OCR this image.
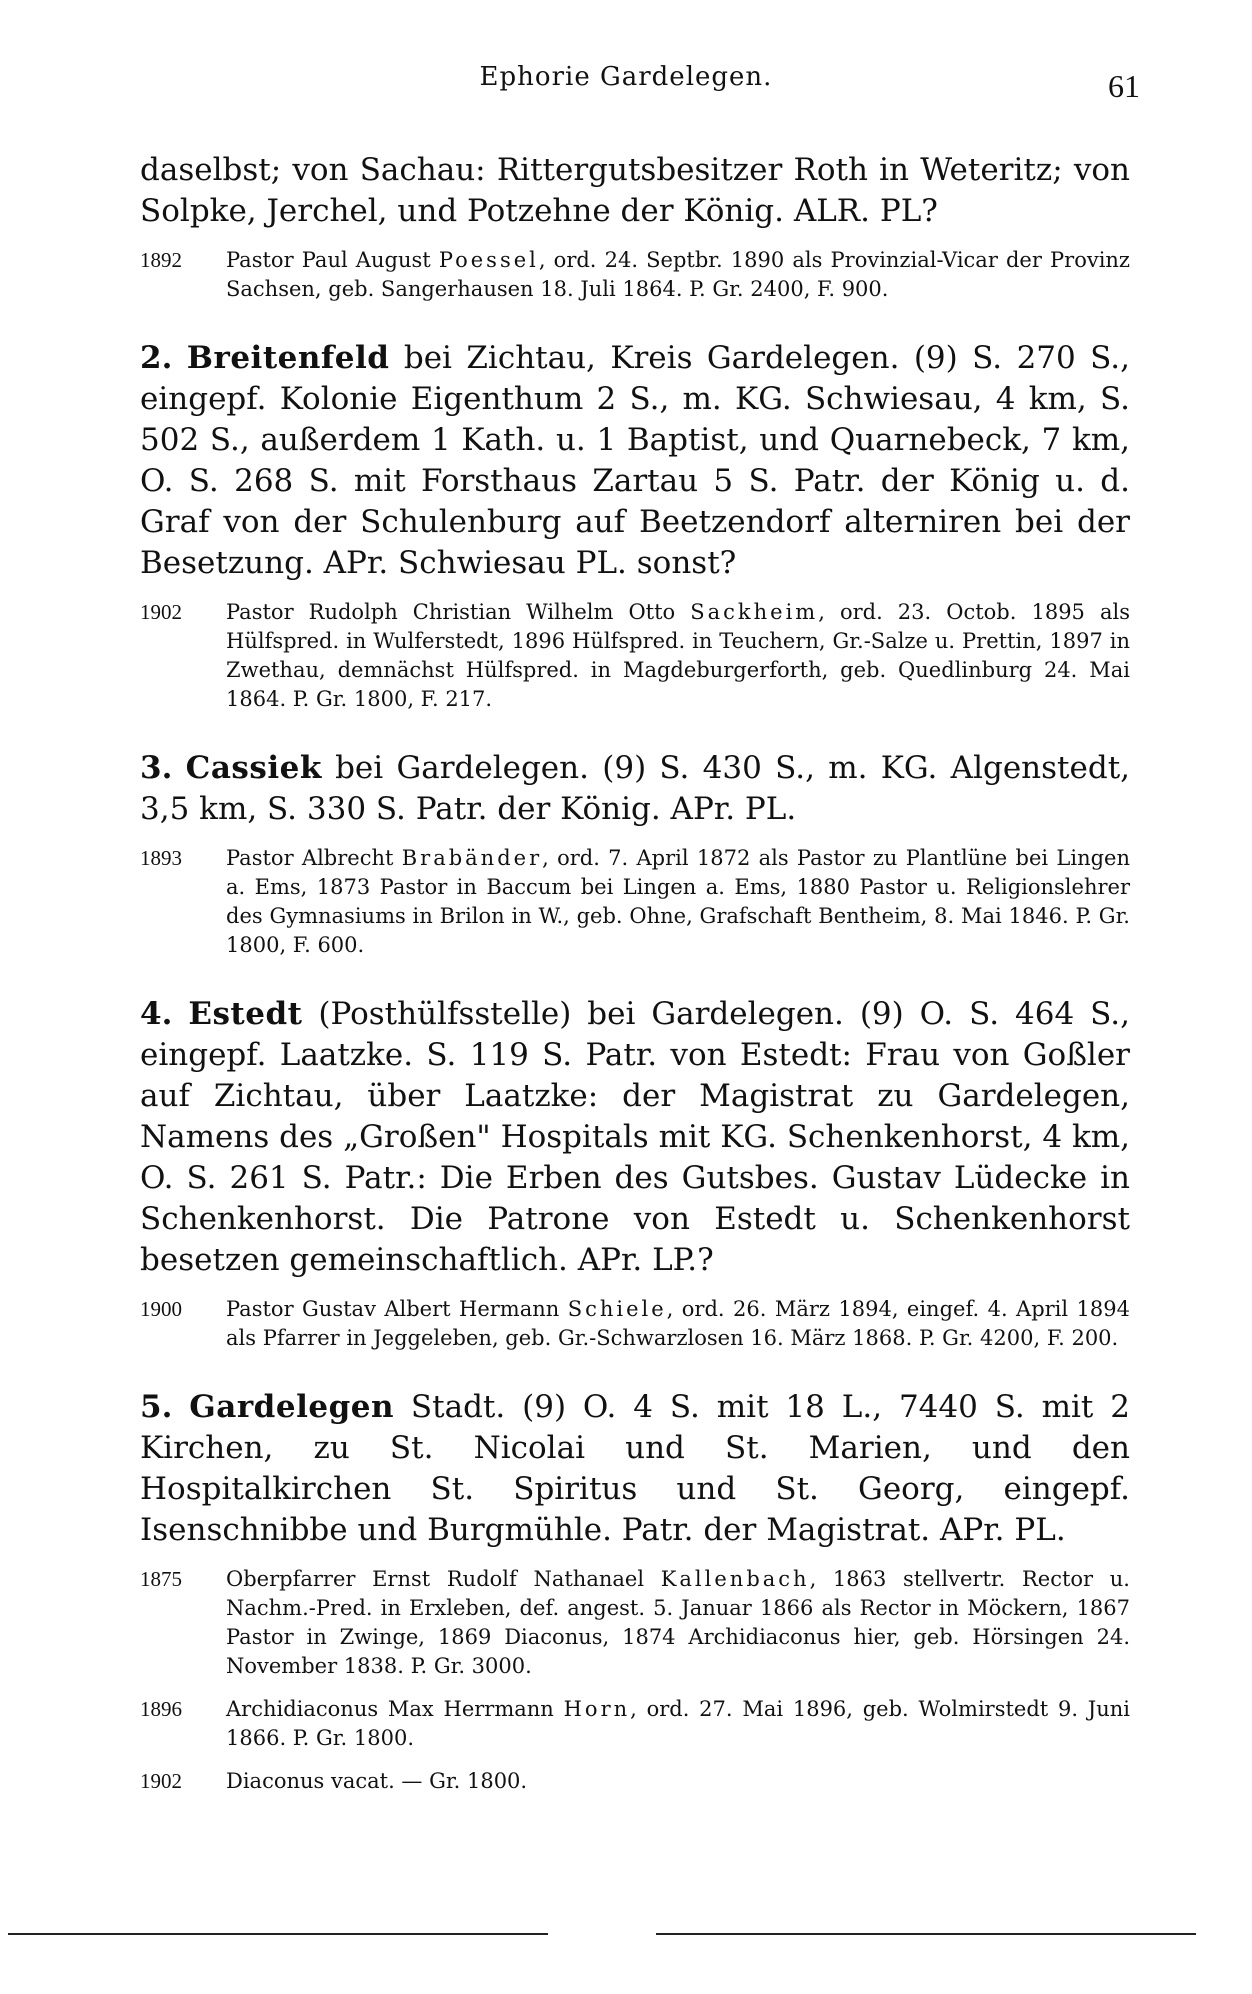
Ephorie Gardelegen.	61

daselbst; von Sachau: Rittergutsbesitzer Roth in Weteritz; von Solpke, Jerchel, und Potzehne der König. ALR. PL?

1892	Pastor Paul August Poessel, ord. 24. Septbr. 1890 als Provinzial-Vicar der Provinz Sachsen, geb. Sangerhausen 18. Juli 1864. P. Gr. 2400, F. 900.

2. Breitenfeld bei Zichtau, Kreis Gardelegen. (9) S. 270 S., eingepf. Kolonie Eigenthum 2 S., m. KG. Schwiesau, 4 km, S. 502 S., außerdem 1 Kath. u. 1 Baptist, und Quarnebeck, 7 km, O. S. 268 S. mit Forsthaus Zartau 5 S. Patr. der König u. d. Graf von der Schulenburg auf Beetzendorf alterniren bei der Besetzung. APr. Schwiesau PL. sonst?

1902	Pastor Rudolph Christian Wilhelm Otto Sackheim, ord. 23. Octob. 1895 als Hülfspred. in Wulferstedt, 1896 Hülfspred. in Teuchern, Gr.-Salze u. Prettin, 1897 in Zwethau, demnächst Hülfspred. in Magdeburgerforth, geb. Quedlinburg 24. Mai 1864. P. Gr. 1800, F. 217.

3. Cassiek bei Gardelegen. (9) S. 430 S., m. KG. Algenstedt, 3,5 km, S. 330 S. Patr. der König. APr. PL.

1893	Pastor Albrecht Brabänder, ord. 7. April 1872 als Pastor zu Plantlüne bei Lingen a. Ems, 1873 Pastor in Baccum bei Lingen a. Ems, 1880 Pastor u. Religionslehrer des Gymnasiums in Brilon in W., geb. Ohne, Grafschaft Bentheim, 8. Mai 1846. P. Gr. 1800, F. 600.

4. Estedt (Posthülfsstelle) bei Gardelegen. (9) O. S. 464 S., eingepf. Laatzke. S. 119 S. Patr. von Estedt: Frau von Goßler auf Zichtau, über Laatzke: der Magistrat zu Gardelegen, Namens des „Großen" Hospitals mit KG. Schenkenhorst, 4 km, O. S. 261 S. Patr.: Die Erben des Gutsbes. Gustav Lüdecke in Schenkenhorst. Die Patrone von Estedt u. Schenkenhorst besetzen gemeinschaftlich. APr. LP.?

1900	Pastor Gustav Albert Hermann Schiele, ord. 26. März 1894, eingef. 4. April 1894 als Pfarrer in Jeggeleben, geb. Gr.-Schwarzlosen 16. März 1868. P. Gr. 4200, F. 200.

5. Gardelegen Stadt. (9) O. 4 S. mit 18 L., 7440 S. mit 2 Kirchen, zu St. Nicolai und St. Marien, und den Hospitalkirchen St. Spiritus und St. Georg, eingepf. Isenschnibbe und Burgmühle. Patr. der Magistrat. APr. PL.

1875	Oberpfarrer Ernst Rudolf Nathanael Kallenbach, 1863 stellvertr. Rector u. Nachm.-Pred. in Erxleben, def. angest. 5. Januar 1866 als Rector in Möckern, 1867 Pastor in Zwinge, 1869 Diaconus, 1874 Archidiaconus hier, geb. Hörsingen 24. November 1838. P. Gr. 3000.
1896	Archidiaconus Max Herrmann Horn, ord. 27. Mai 1896, geb. Wolmirstedt 9. Juni 1866. P. Gr. 1800.
1902	Diaconus vacat. — Gr. 1800.
